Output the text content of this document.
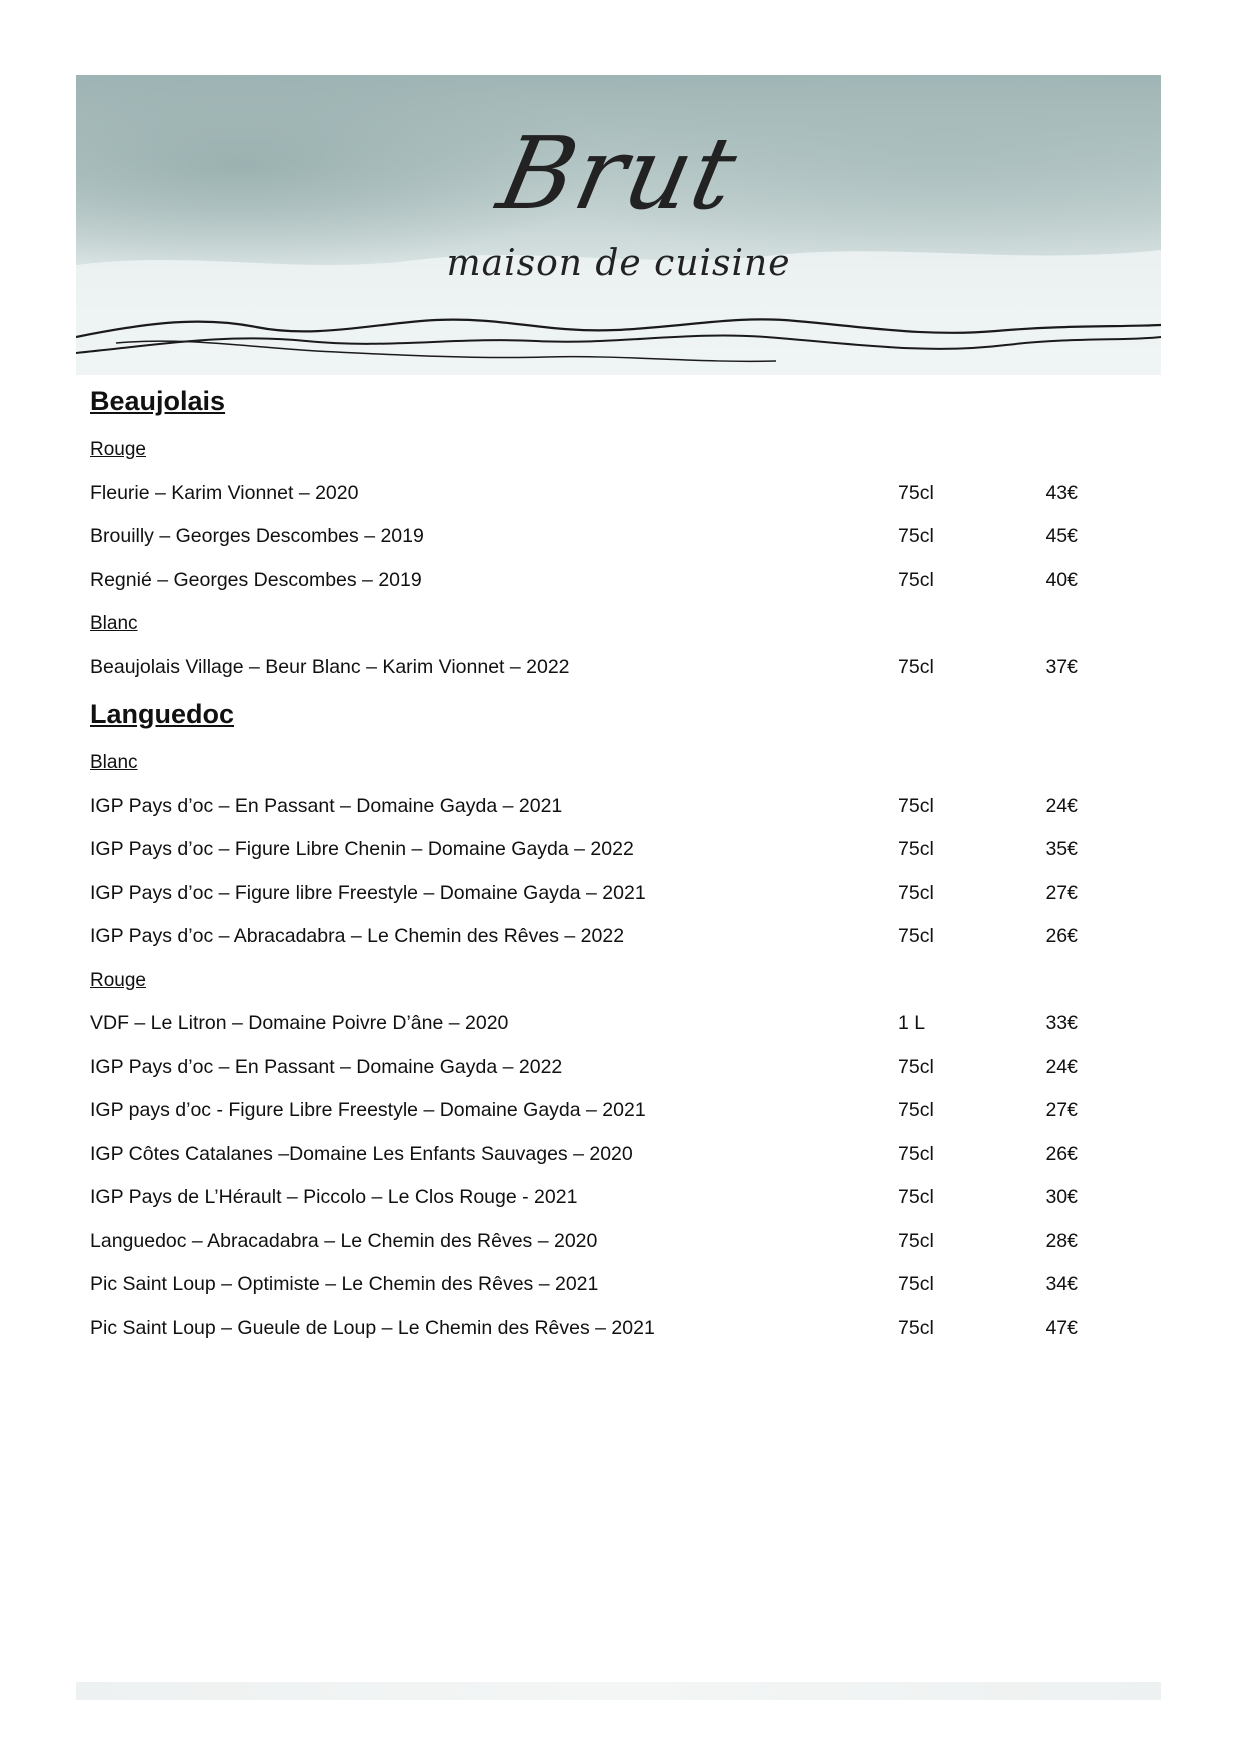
Brut
maison de cuisine
Beaujolais
Rouge
Fleurie – Karim Vionnet – 2020	75cl	43€
Brouilly – Georges Descombes – 2019	75cl	45€
Regnié – Georges Descombes – 2019	75cl	40€
Blanc
Beaujolais Village – Beur Blanc – Karim Vionnet – 2022	75cl	37€
Languedoc
Blanc
IGP Pays d’oc – En Passant – Domaine Gayda – 2021	75cl	24€
IGP Pays d’oc – Figure Libre Chenin – Domaine Gayda – 2022	75cl	35€
IGP Pays d’oc – Figure libre Freestyle – Domaine Gayda – 2021	75cl	27€
IGP Pays d’oc – Abracadabra – Le Chemin des Rêves – 2022	75cl	26€
Rouge
VDF – Le Litron – Domaine Poivre D’âne – 2020	1 L	33€
IGP Pays d’oc – En Passant – Domaine Gayda – 2022	75cl	24€
IGP pays d’oc - Figure Libre Freestyle – Domaine Gayda – 2021	75cl	27€
IGP Côtes Catalanes –Domaine Les Enfants Sauvages – 2020	75cl	26€
IGP Pays de L’Hérault – Piccolo – Le Clos Rouge - 2021	75cl	30€
Languedoc – Abracadabra – Le Chemin des Rêves – 2020	75cl	28€
Pic Saint Loup – Optimiste – Le Chemin des Rêves – 2021	75cl	34€
Pic Saint Loup – Gueule de Loup – Le Chemin des Rêves – 2021	75cl	47€
